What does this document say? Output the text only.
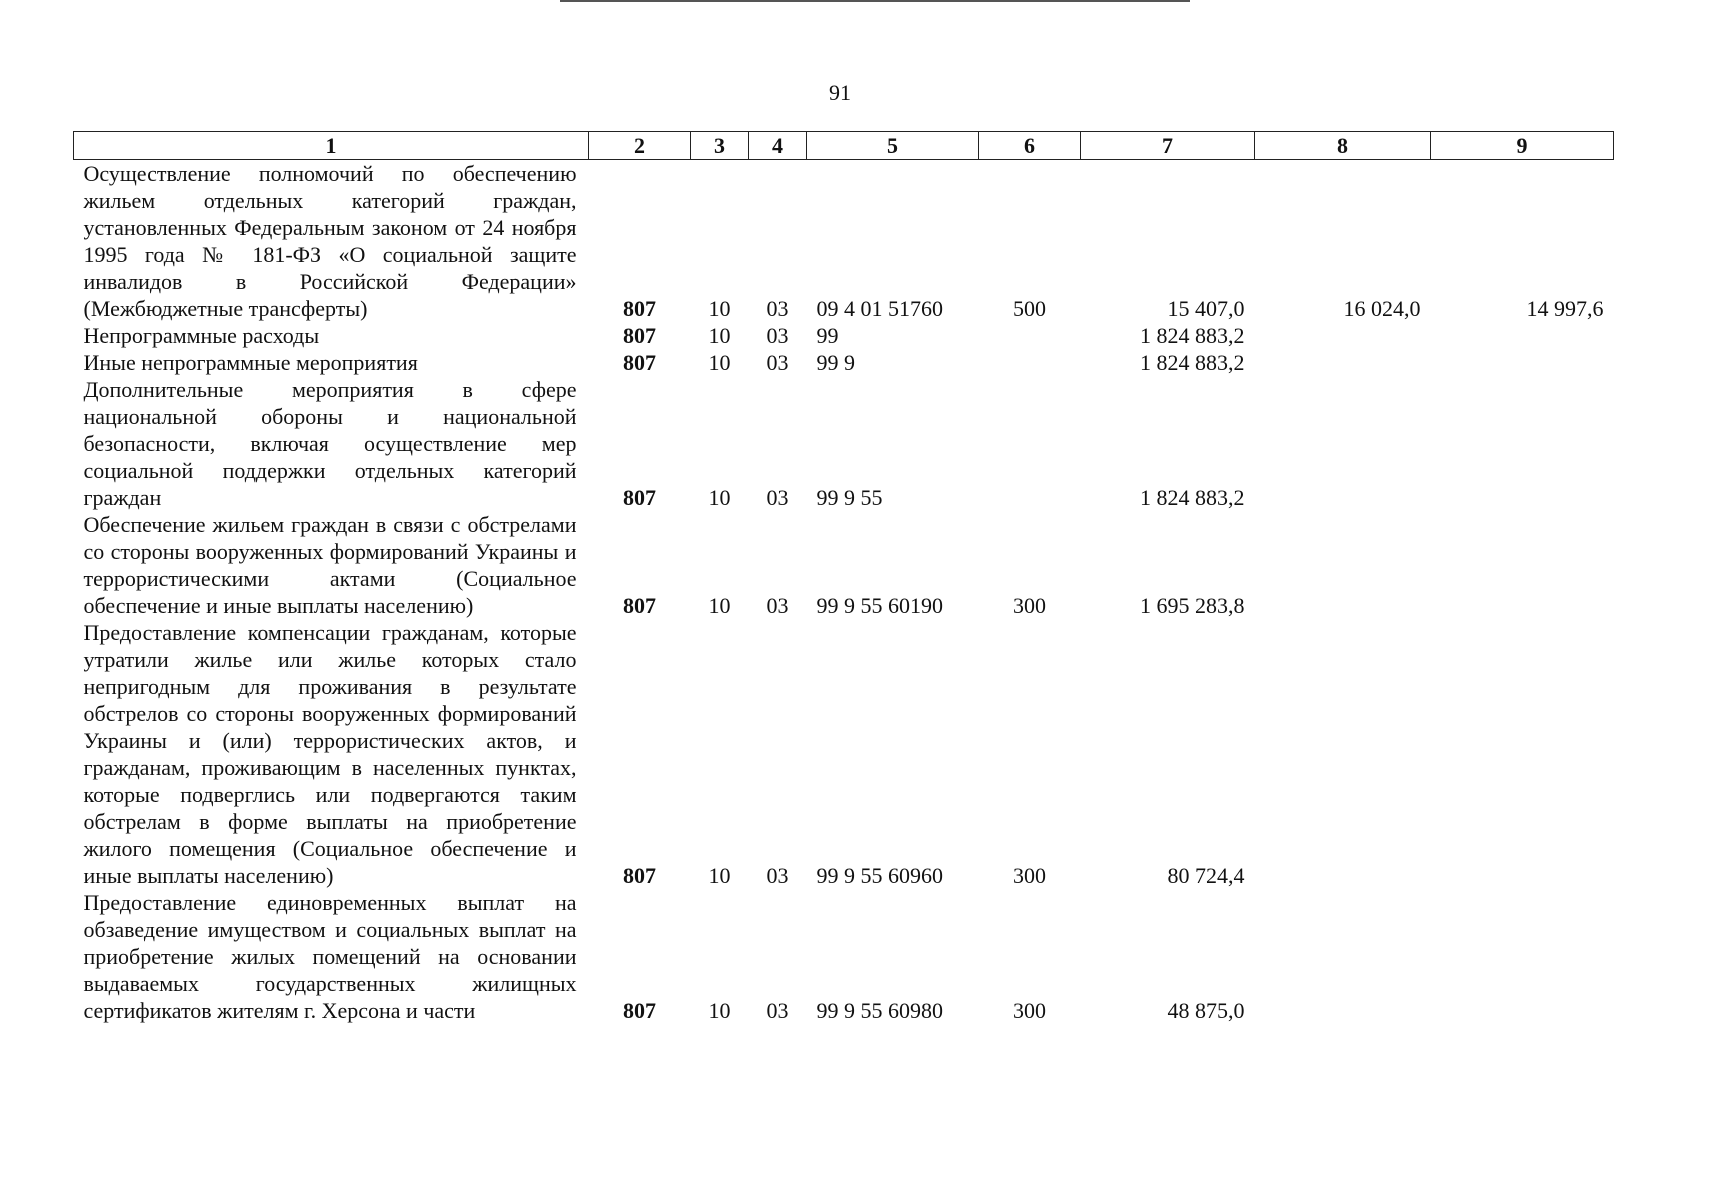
91
1	2	3	4	5	6	7	8	9
Осуществление полномочий по обеспечению жильем отдельных категорий граждан, установленных Федеральным законом от 24 ноября 1995 года № 181-ФЗ «О социальной защите инвалидов в Российской Федерации» (Межбюджетные трансферты)	807	10	03	09 4 01 51760	500	15 407,0	16 024,0	14 997,6
Непрограммные расходы	807	10	03	99		1 824 883,2		
Иные непрограммные мероприятия	807	10	03	99 9		1 824 883,2		
Дополнительные мероприятия в сфере национальной обороны и национальной безопасности, включая осуществление мер социальной поддержки отдельных категорий граждан	807	10	03	99 9 55		1 824 883,2		
Обеспечение жильем граждан в связи с обстрелами со стороны вооруженных формирований Украины и террористическими актами (Социальное обеспечение и иные выплаты населению)	807	10	03	99 9 55 60190	300	1 695 283,8		
Предоставление компенсации гражданам, которые утратили жилье или жилье которых стало непригодным для проживания в результате обстрелов со стороны вооруженных формирований Украины и (или) террористических актов, и гражданам, проживающим в населенных пунктах, которые подверглись или подвергаются таким обстрелам в форме выплаты на приобретение жилого помещения (Социальное обеспечение и иные выплаты населению)	807	10	03	99 9 55 60960	300	80 724,4		
Предоставление единовременных выплат на обзаведение имуществом и социальных выплат на приобретение жилых помещений на основании выдаваемых государственных жилищных сертификатов жителям г. Херсона и части	807	10	03	99 9 55 60980	300	48 875,0		
